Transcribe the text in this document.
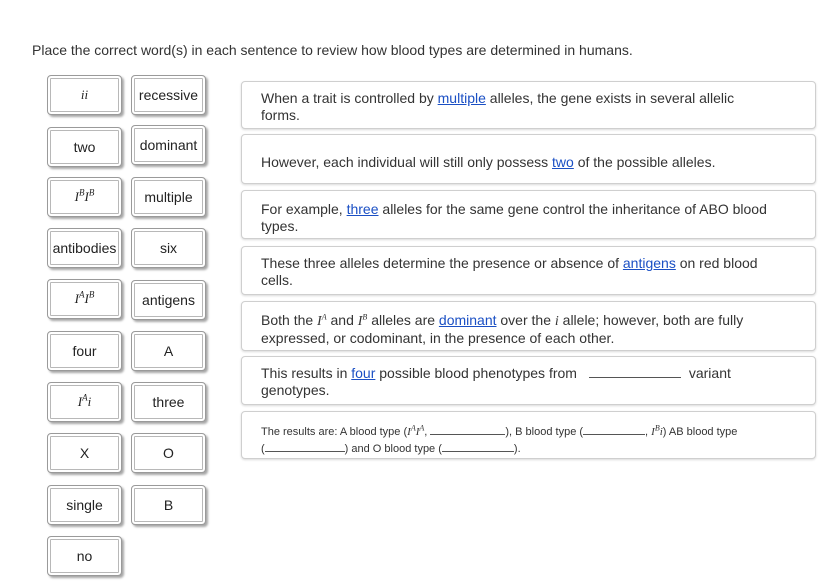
Place the correct word(s) in each sentence to review how blood types are determined in humans.
ii
two
$I^BI^B$
antibodies
$I^AI^B$
four
$I^Ai$
X
single
no
recessive
dominant
multiple
six
antigens
A
three
O
B
When a trait is controlled by multiple alleles, the gene exists in several allelic
forms.
However, each individual will still only possess two of the possible alleles.
For example, three alleles for the same gene control the inheritance of ABO blood
types.
These three alleles determine the presence or absence of antigens on red blood
cells.
Both the $I^A$ and $I^B$ alleles are dominant over the i allele; however, both are fully
expressed, or codominant, in the presence of each other.
This results in four possible blood phenotypes from	variant
genotypes.
The results are: A blood type ($I^AI^A$,	), B blood type (	, $I^Bi$) AB blood type
(	) and O blood type (	).
